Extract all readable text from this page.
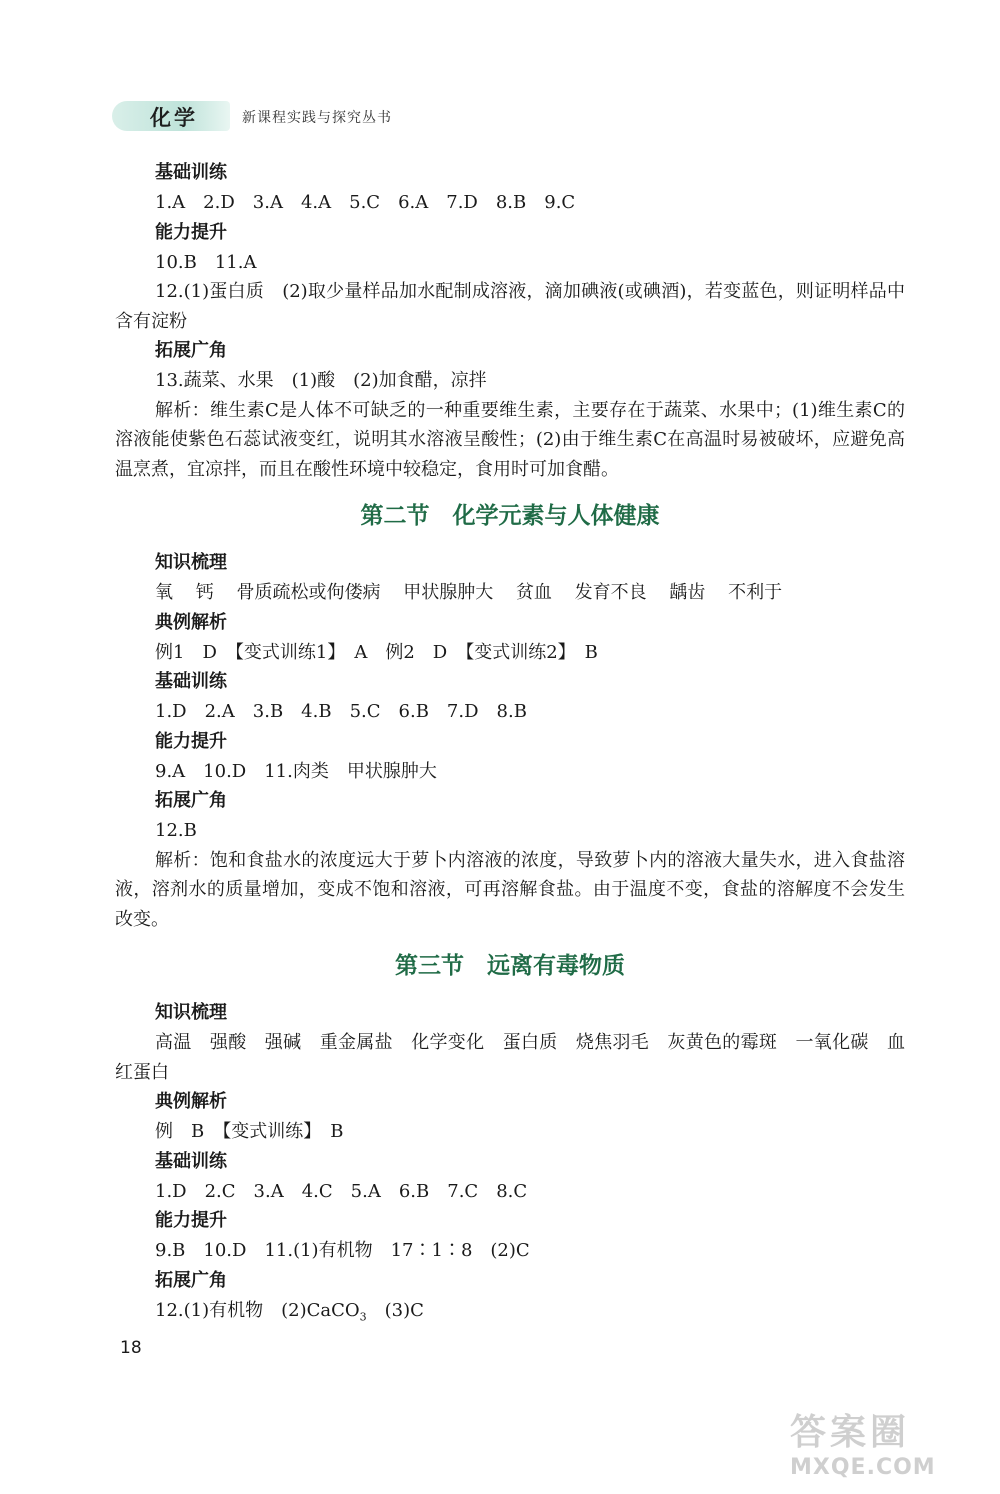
化学	新课程实践与探究丛书
基础训练
1.A　2.D　3.A　4.A　5.C　6.A　7.D　8.B　9.C
能力提升
10.B　11.A
12.(1)蛋白质　(2)取少量样品加水配制成溶液，滴加碘液(或碘酒)，若变蓝色，则证明样品中含有淀粉
拓展广角
13.蔬菜、水果　(1)酸　(2)加食醋，凉拌
解析：维生素C是人体不可缺乏的一种重要维生素，主要存在于蔬菜、水果中；(1)维生素C的溶液能使紫色石蕊试液变红，说明其水溶液呈酸性；(2)由于维生素C在高温时易被破坏，应避免高温烹煮，宜凉拌，而且在酸性环境中较稳定，食用时可加食醋。
第二节　化学元素与人体健康
知识梳理
氧 钙 骨质疏松或佝偻病 甲状腺肿大 贫血 发育不良 龋齿 不利于
典例解析
例1　D　【变式训练1】　A　例2　D　【变式训练2】　B
基础训练
1.D　2.A　3.B　4.B　5.C　6.B　7.D　8.B
能力提升
9.A　10.D　11.肉类　甲状腺肿大
拓展广角
12.B
解析：饱和食盐水的浓度远大于萝卜内溶液的浓度，导致萝卜内的溶液大量失水，进入食盐溶液，溶剂水的质量增加，变成不饱和溶液，可再溶解食盐。由于温度不变，食盐的溶解度不会发生改变。
第三节　远离有毒物质
知识梳理
高温　强酸　强碱　重金属盐　化学变化　蛋白质　烧焦羽毛　灰黄色的霉斑　一氧化碳　血红蛋白
典例解析
例　B　【变式训练】　B
基础训练
1.D　2.C　3.A　4.C　5.A　6.B　7.C　8.C
能力提升
9.B　10.D　11.(1)有机物　17∶1∶8　(2)C
拓展广角
12.(1)有机物　(2)CaCO$_3$　(3)C
18
答案圈
MXQE.COM
